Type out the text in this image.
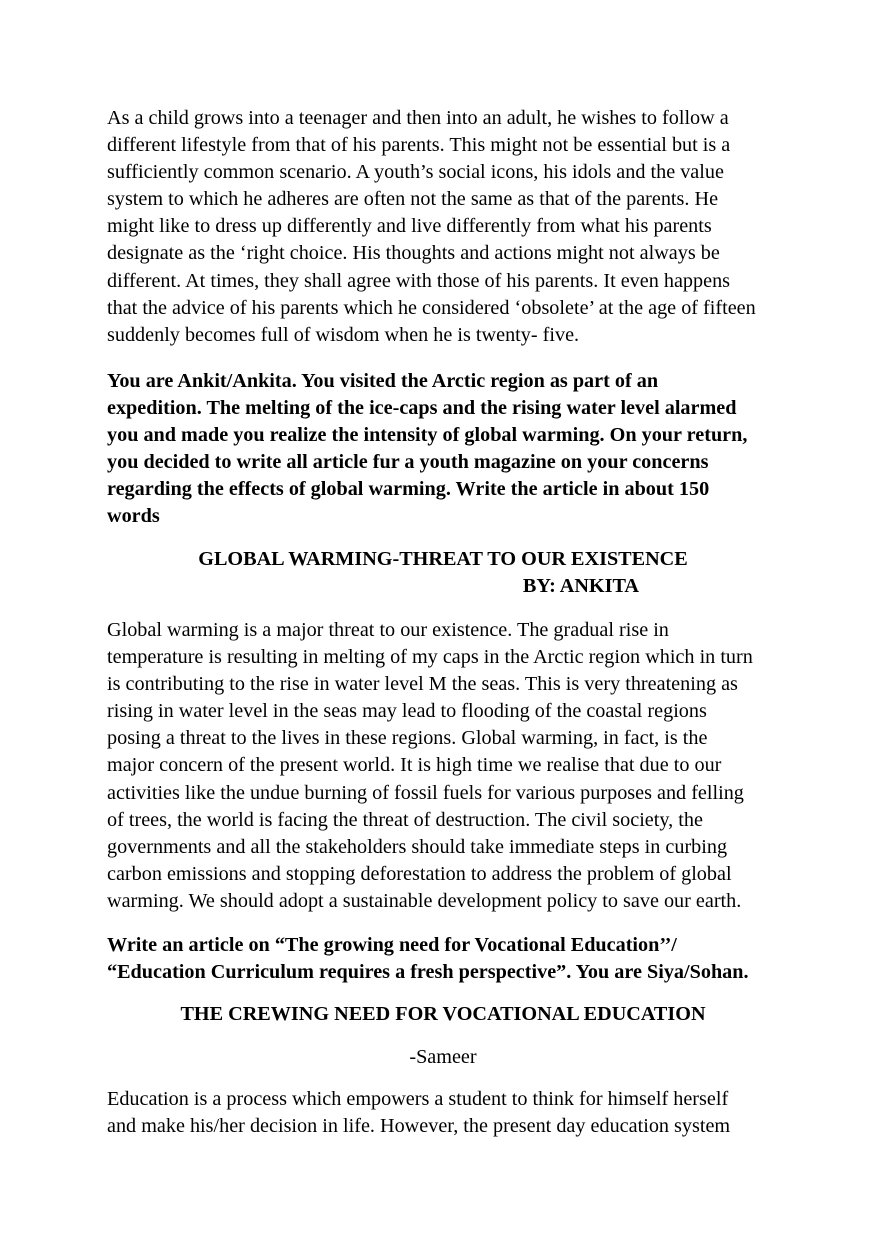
As a child grows into a teenager and then into an adult, he wishes to follow a
different lifestyle from that of his parents. This might not be essential but is a
sufficiently common scenario. A youth’s social icons, his idols and the value
system to which he adheres are often not the same as that of the parents. He
might like to dress up differently and live differently from what his parents
designate as the ‘right choice. His thoughts and actions might not always be
different. At times, they shall agree with those of his parents. It even happens
that the advice of his parents which he considered ‘obsolete’ at the age of fifteen
suddenly becomes full of wisdom when he is twenty- five.
You are Ankit/Ankita. You visited the Arctic region as part of an
expedition. The melting of the ice-caps and the rising water level alarmed
you and made you realize the intensity of global warming. On your return,
you decided to write all article fur a youth magazine on your concerns
regarding the effects of global warming. Write the article in about 150
words
GLOBAL WARMING-THREAT TO OUR EXISTENCE
BY: ANKITA
Global warming is a major threat to our existence. The gradual rise in
temperature is resulting in melting of my caps in the Arctic region which in turn
is contributing to the rise in water level M the seas. This is very threatening as
rising in water level in the seas may lead to flooding of the coastal regions
posing a threat to the lives in these regions. Global warming, in fact, is the
major concern of the present world. It is high time we realise that due to our
activities like the undue burning of fossil fuels for various purposes and felling
of trees, the world is facing the threat of destruction. The civil society, the
governments and all the stakeholders should take immediate steps in curbing
carbon emissions and stopping deforestation to address the problem of global
warming. We should adopt a sustainable development policy to save our earth.
Write an article on “The growing need for Vocational Education’’/
“Education Curriculum requires a fresh perspective”. You are Siya/Sohan.
THE CREWING NEED FOR VOCATIONAL EDUCATION
-Sameer
Education is a process which empowers a student to think for himself herself
and make his/her decision in life. However, the present day education system
